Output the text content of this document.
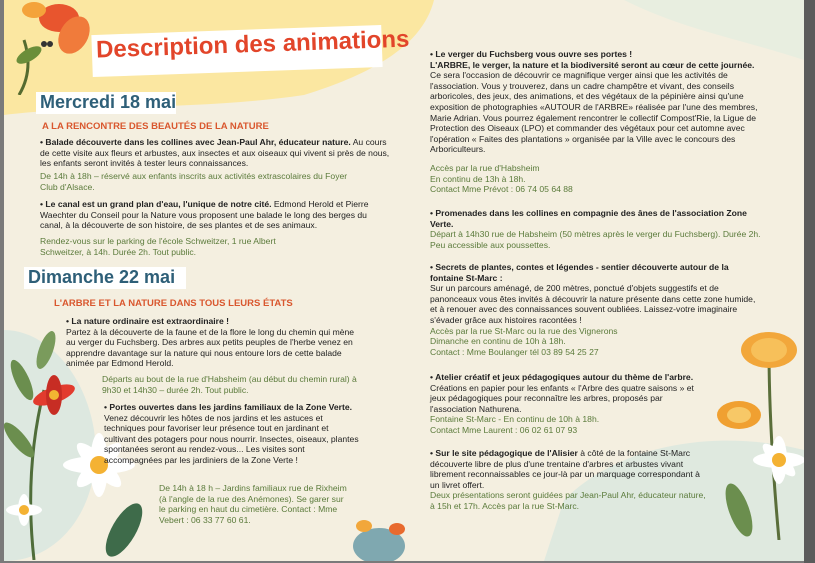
Description des animations
Mercredi 18 mai
A LA RENCONTRE DES BEAUTÉS DE LA NATURE
• Balade découverte dans les collines avec Jean-Paul Ahr, éducateur nature. Au cours de cette visite aux fleurs et arbustes, aux insectes et aux oiseaux qui vivent si près de nous, les enfants seront invités à tester leurs connaissances.
De 14h à 18h – réservé aux enfants inscrits aux activités extrascolaires du Foyer Club d'Alsace.
• Le canal est un grand plan d'eau, l'unique de notre cité. Edmond Herold et Pierre Waechter du Conseil pour la Nature vous proposent une balade le long des berges du canal, à la découverte de son histoire, de ses plantes et de ses animaux.
Rendez-vous sur le parking de l'école Schweitzer, 1 rue Albert Schweitzer, à 14h. Durée 2h. Tout public.
Dimanche 22 mai
L'ARBRE ET LA NATURE DANS TOUS LEURS ÉTATS
• La nature ordinaire est extraordinaire !
Partez à la découverte de la faune et de la flore le long du chemin qui mène au verger du Fuchsberg. Des arbres aux petits peuples de l'herbe venez en apprendre davantage sur la nature qui nous entoure lors de cette balade animée par Edmond Herold.
Départs au bout de la rue d'Habsheim (au début du chemin rural) à 9h30 et 14h30 – durée 2h. Tout public.
• Portes ouvertes dans les jardins familiaux de la Zone Verte.
Venez découvrir les hôtes de nos jardins et les astuces et techniques pour favoriser leur présence tout en jardinant et cultivant des potagers pour nous nourrir. Insectes, oiseaux, plantes spontanées seront au rendez-vous... Les visites sont accompagnées par les jardiniers de la Zone Verte !
De 14h à 18 h – Jardins familiaux rue de Rixheim (à l'angle de la rue des Anémones). Se garer sur le parking en haut du cimetière. Contact : Mme Vebert : 06 33 77 60 61.
• Le verger du Fuchsberg vous ouvre ses portes !
L'ARBRE, le verger, la nature et la biodiversité seront au cœur de cette journée.
Ce sera l'occasion de découvrir ce magnifique verger ainsi que les activités de l'association. Vous y trouverez, dans un cadre champêtre et vivant, des conseils arboricoles, des jeux, des animations, et des végétaux de la pépinière ainsi qu'une exposition de photographies «AUTOUR de l'ARBRE» réalisée par l'une des membres, Marie Adrian. Vous pourrez également rencontrer le collectif Compost'Rie, la Ligue de Protection des Oiseaux (LPO) et commander des végétaux pour cet automne avec l'opération « Faites des plantations » organisée par la Ville avec le concours des Arboriculteurs.
Accès par la rue d'Habsheim
En continu de 13h à 18h.
Contact Mme Prévot : 06 74 05 64 88
• Promenades dans les collines en compagnie des ânes de l'association Zone Verte.
Départ à 14h30 rue de Habsheim (50 mètres après le verger du Fuchsberg). Durée 2h. Peu accessible aux poussettes.
• Secrets de plantes, contes et légendes - sentier découverte autour de la fontaine St-Marc :
Sur un parcours aménagé, de 200 mètres, ponctué d'objets suggestifs et de panonceaux vous êtes invités à découvrir la nature présente dans cette zone humide, et à renouer avec des connaissances souvent oubliées. Laissez-votre imaginaire s'évader grâce aux histoires racontées !
Accès par la rue St-Marc ou la rue des Vignerons
Dimanche en continu de 10h à 18h.
Contact : Mme Boulanger tél 03 89 54 25 27
• Atelier créatif et jeux pédagogiques autour du thème de l'arbre.
Créations en papier pour les enfants « l'Arbre des quatre saisons » et jeux pédagogiques pour reconnaître les arbres, proposés par l'association Nathurena.
Fontaine St-Marc - En continu de 10h à 18h.
Contact Mme Laurent : 06 02 61 07 93
• Sur le site pédagogique de l'Alisier à côté de la fontaine St-Marc découverte libre de plus d'une trentaine d'arbres et arbustes vivant librement reconnaissables ce jour-là par un marquage correspondant à un livret offert.
Deux présentations seront guidées par Jean-Paul Ahr, éducateur nature,
à 15h et 17h. Accès par la rue St-Marc.
